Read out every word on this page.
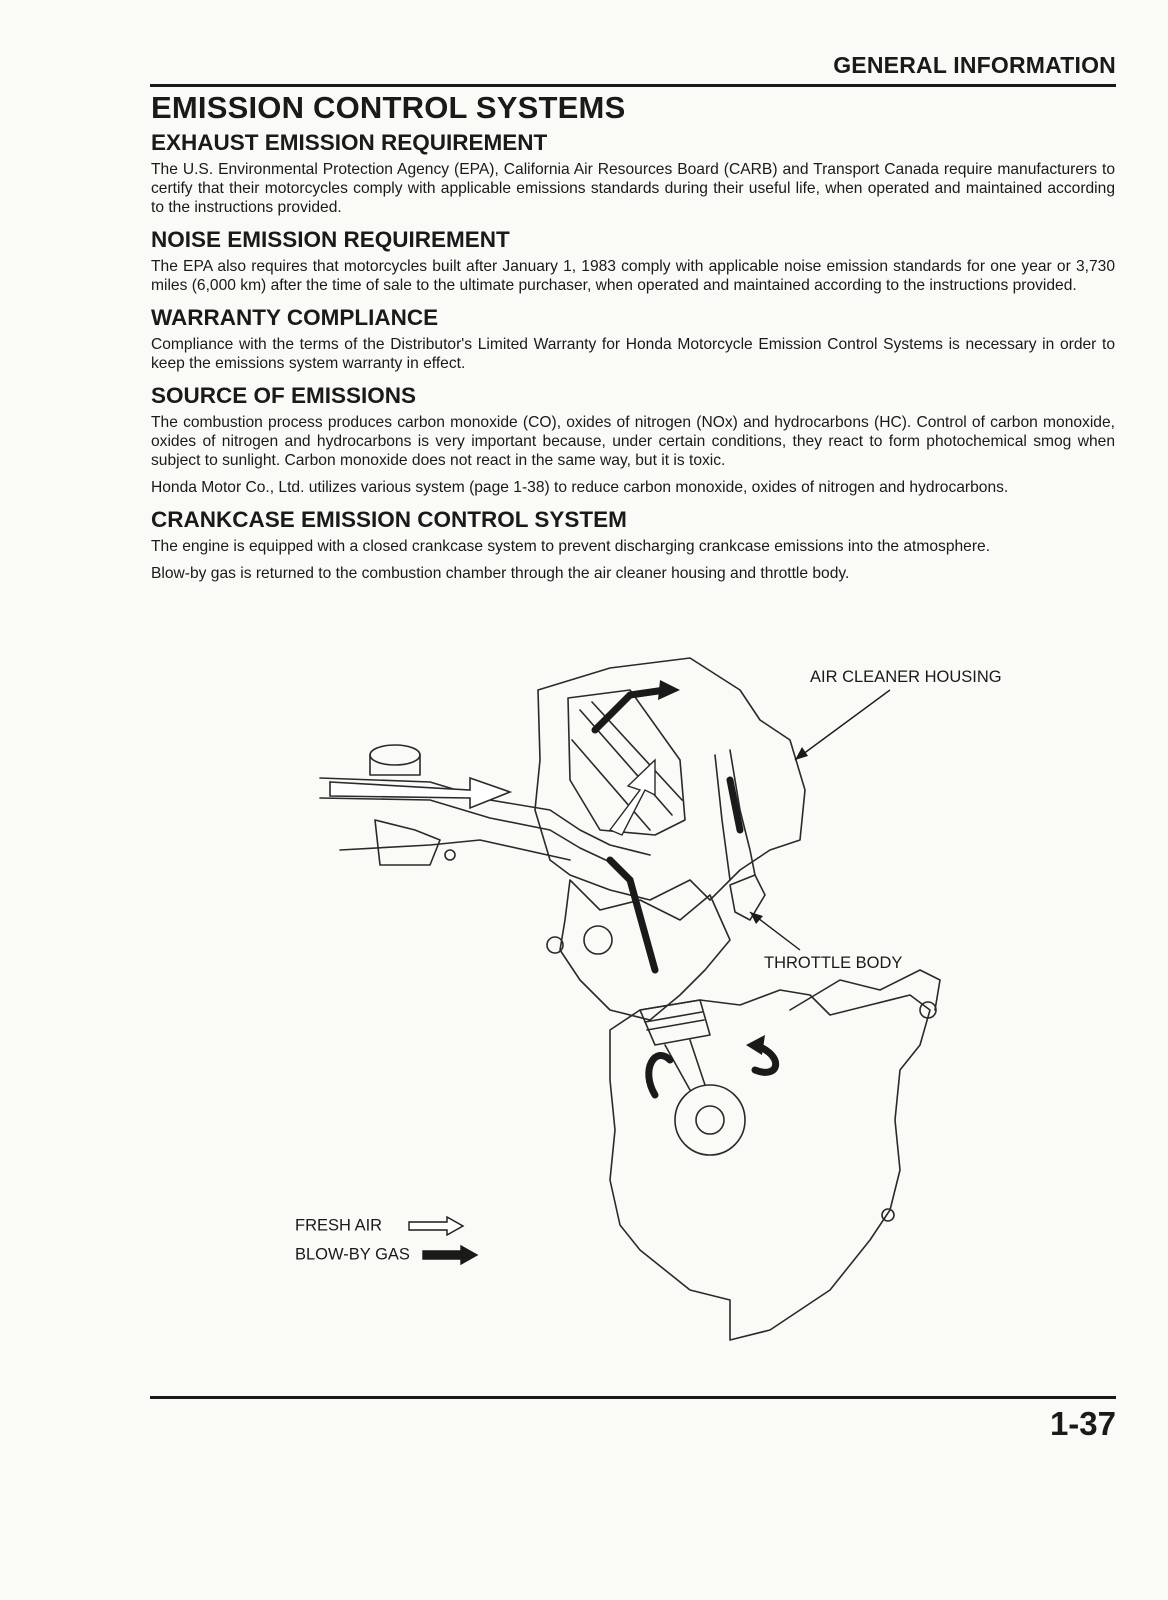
GENERAL INFORMATION
EMISSION CONTROL SYSTEMS
EXHAUST EMISSION REQUIREMENT

The U.S. Environmental Protection Agency (EPA), California Air Resources Board (CARB) and Transport Canada require manufacturers to certify that their motorcycles comply with applicable emissions standards during their useful life, when operated and maintained according to the instructions provided.

NOISE EMISSION REQUIREMENT

The EPA also requires that motorcycles built after January 1, 1983 comply with applicable noise emission standards for one year or 3,730 miles (6,000 km) after the time of sale to the ultimate purchaser, when operated and maintained according to the instructions provided.

WARRANTY COMPLIANCE

Compliance with the terms of the Distributor's Limited Warranty for Honda Motorcycle Emission Control Systems is necessary in order to keep the emissions system warranty in effect.

SOURCE OF EMISSIONS

The combustion process produces carbon monoxide (CO), oxides of nitrogen (NOx) and hydrocarbons (HC). Control of carbon monoxide, oxides of nitrogen and hydrocarbons is very important because, under certain conditions, they react to form photochemical smog when subject to sunlight. Carbon monoxide does not react in the same way, but it is toxic.

Honda Motor Co., Ltd. utilizes various system (page 1-38) to reduce carbon monoxide, oxides of nitrogen and hydrocarbons.

CRANKCASE EMISSION CONTROL SYSTEM

The engine is equipped with a closed crankcase system to prevent discharging crankcase emissions into the atmosphere.

Blow-by gas is returned to the combustion chamber through the air cleaner housing and throttle body.

AIR CLEANER HOUSING
THROTTLE BODY
FRESH AIR
BLOW-BY GAS
1-37
